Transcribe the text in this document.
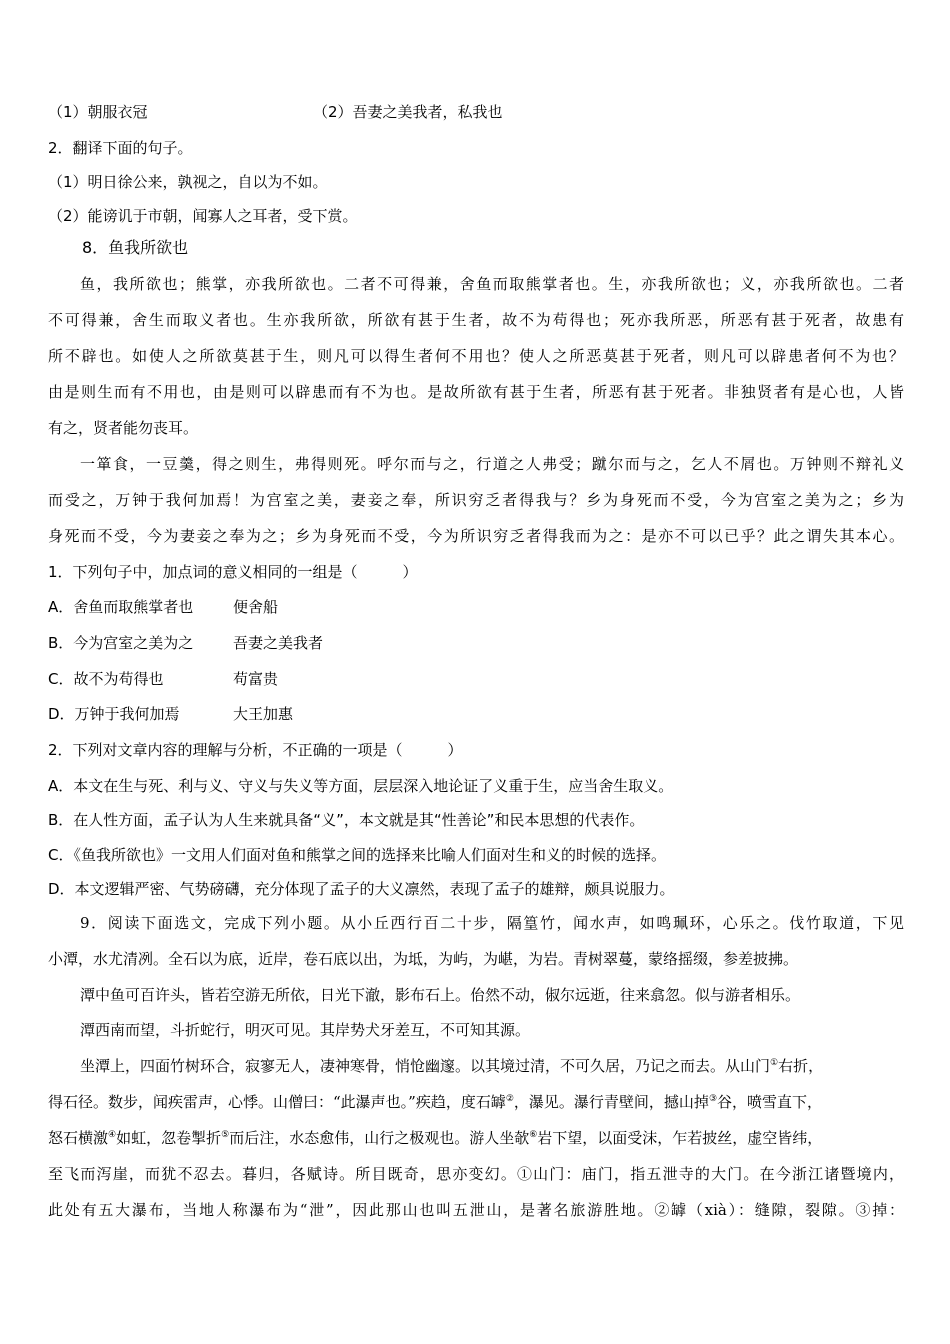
（1）朝服衣冠	（2）吾妻之美我者，私我也
2．翻译下面的句子。
（1）明日徐公来，孰视之，自以为不如。
（2）能谤讥于市朝，闻寡人之耳者，受下赏。
8．鱼我所欲也
鱼，我所欲也；熊掌，亦我所欲也。二者不可得兼，舍鱼而取熊掌者也。生，亦我所欲也；义，亦我所欲也。二者
不可得兼，舍生而取义者也。生亦我所欲，所欲有甚于生者，故不为苟得也；死亦我所恶，所恶有甚于死者，故患有
所不辟也。如使人之所欲莫甚于生，则凡可以得生者何不用也？使人之所恶莫甚于死者，则凡可以辟患者何不为也？
由是则生而有不用也，由是则可以辟患而有不为也。是故所欲有甚于生者，所恶有甚于死者。非独贤者有是心也，人皆
有之，贤者能勿丧耳。
一箪食，一豆羹，得之则生，弗得则死。呼尔而与之，行道之人弗受；蹴尔而与之，乞人不屑也。万钟则不辩礼义
而受之，万钟于我何加焉！为宫室之美，妻妾之奉，所识穷乏者得我与？乡为身死而不受，今为宫室之美为之；乡为
身死而不受，今为妻妾之奉为之；乡为身死而不受，今为所识穷乏者得我而为之：是亦不可以已乎？此之谓失其本心。
1．下列句子中，加点词的意义相同的一组是（　　　）
A．舍鱼而取熊掌者也	便舍船
B．今为宫室之美为之	吾妻之美我者
C．故不为苟得也	苟富贵
D．万钟于我何加焉	大王加惠
2．下列对文章内容的理解与分析，不正确的一项是（　　　）
A．本文在生与死、利与义、守义与失义等方面，层层深入地论证了义重于生，应当舍生取义。
B．在人性方面，孟子认为人生来就具备“义”，本文就是其“性善论”和民本思想的代表作。
C．《鱼我所欲也》一文用人们面对鱼和熊掌之间的选择来比喻人们面对生和义的时候的选择。
D．本文逻辑严密、气势磅礴，充分体现了孟子的大义凛然，表现了孟子的雄辩，颇具说服力。
9．阅读下面选文，完成下列小题。从小丘西行百二十步，隔篁竹，闻水声，如鸣珮环，心乐之。伐竹取道，下见
小潭，水尤清冽。全石以为底，近岸，卷石底以出，为坻，为屿，为嵁，为岩。青树翠蔓，蒙络摇缀，参差披拂。
潭中鱼可百许头，皆若空游无所依，日光下澈，影布石上。佁然不动，俶尔远逝，往来翕忽。似与游者相乐。
潭西南而望，斗折蛇行，明灭可见。其岸势犬牙差互，不可知其源。
坐潭上，四面竹树环合，寂寥无人，凄神寒骨，悄怆幽邃。以其境过清，不可久居，乃记之而去。从山门①右折，
得石径。数步，闻疾雷声，心悸。山僧曰：“此瀑声也。”疾趋，度石罅②，瀑见。瀑行青壁间，撼山掉③谷，喷雪直下，
怒石横激④如虹，忽卷掣折⑤而后注，水态愈伟，山行之极观也。游人坐欹⑥岩下望，以面受沫，乍若披丝，虚空皆纬，
至飞而泻崖，而犹不忍去。暮归，各赋诗。所目既奇，思亦变幻。①山门：庙门，指五泄寺的大门。在今浙江诸暨境内，
此处有五大瀑布，当地人称瀑布为“泄”，因此那山也叫五泄山，是著名旅游胜地。②罅（xià）：缝隙，裂隙。③掉：
